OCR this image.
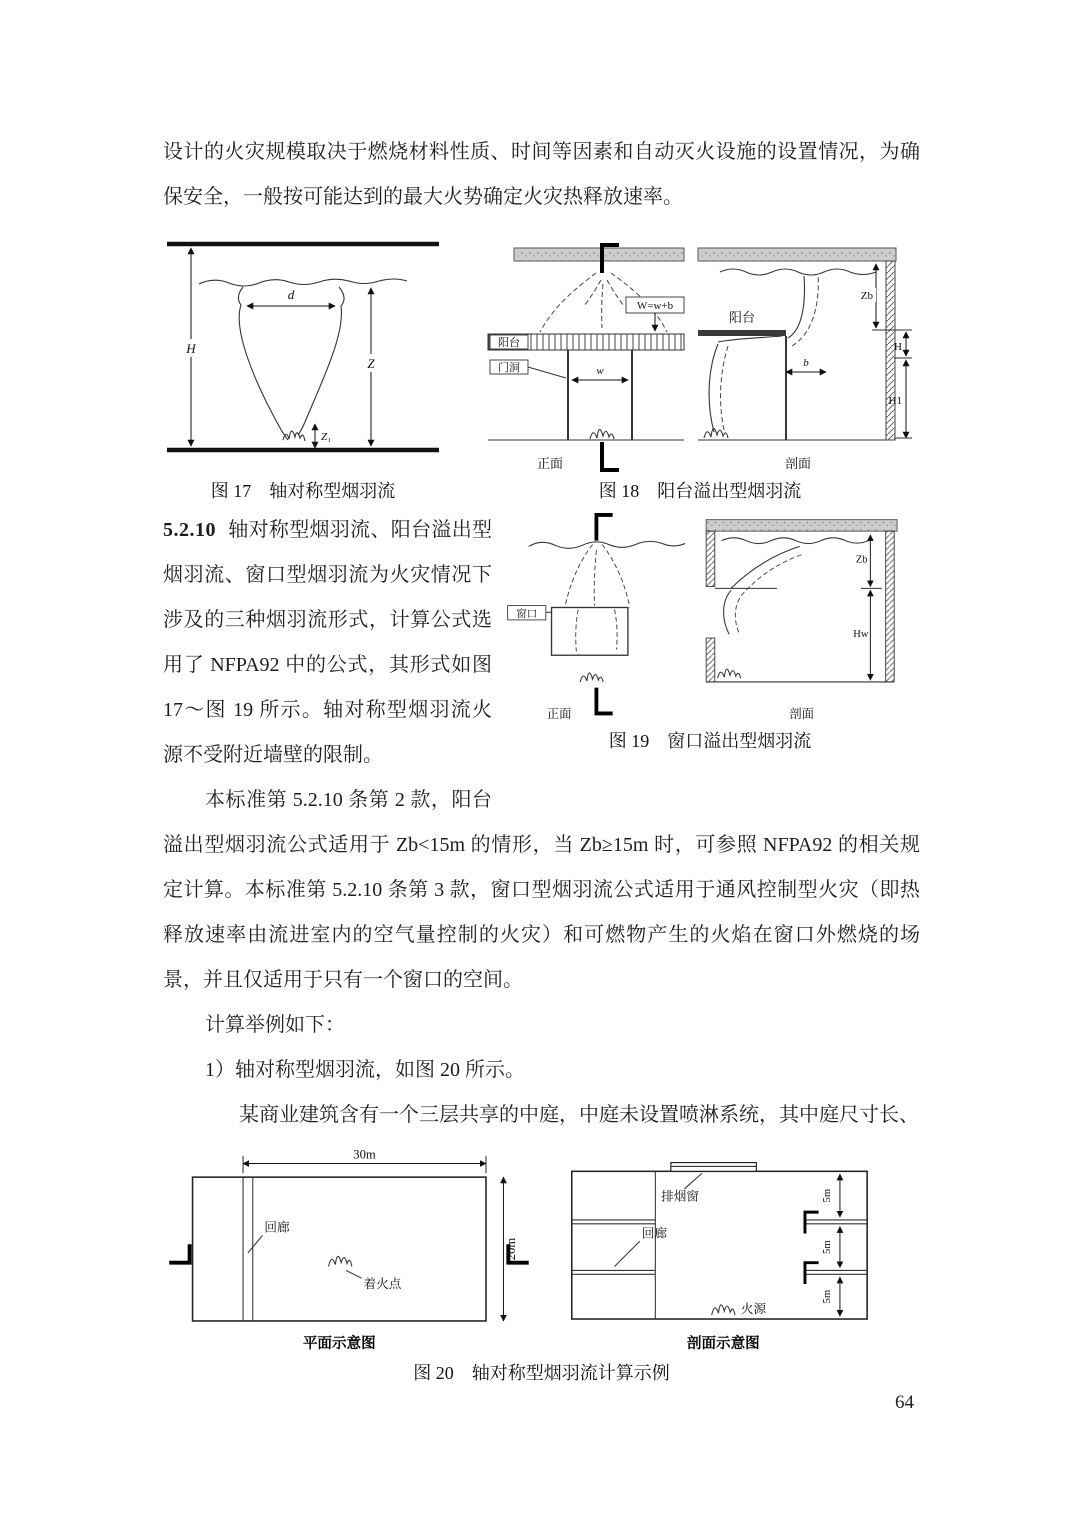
设计的火灾规模取决于燃烧材料性质、时间等因素和自动灭火设施的设置情况，为确保安全，一般按可能达到的最大火势确定火灾热释放速率。

d
H
Z
Z₁
图 17　轴对称型烟羽流
阳台
W=w+b
门洞	w
正面
阳台
b
Zb
H
H1
剖面
图 18　阳台溢出型烟羽流
窗口
正面
Zb
Hw
剖面
图 19　窗口溢出型烟羽流

5.2.10 轴对称型烟羽流、阳台溢出型烟羽流、窗口型烟羽流为火灾情况下涉及的三种烟羽流形式，计算公式选用了 NFPA92 中的公式，其形式如图 17～图 19 所示。轴对称型烟羽流火源不受附近墙壁的限制。

本标准第 5.2.10 条第 2 款，阳台溢出型烟羽流公式适用于 Zb<15m 的情形，当 Zb≥15m 时，可参照 NFPA92 的相关规定计算。本标准第 5.2.10 条第 3 款，窗口型烟羽流公式适用于通风控制型火灾（即热释放速率由流进室内的空气量控制的火灾）和可燃物产生的火焰在窗口外燃烧的场景，并且仅适用于只有一个窗口的空间。

计算举例如下：

1）轴对称型烟羽流，如图 20 所示。

某商业建筑含有一个三层共享的中庭，中庭未设置喷淋系统，其中庭尺寸长、

30m
20m
回廊
着火点
平面示意图
排烟窗
回廊
火源
5m
5m
5m
剖面示意图

图 20　轴对称型烟羽流计算示例

64
